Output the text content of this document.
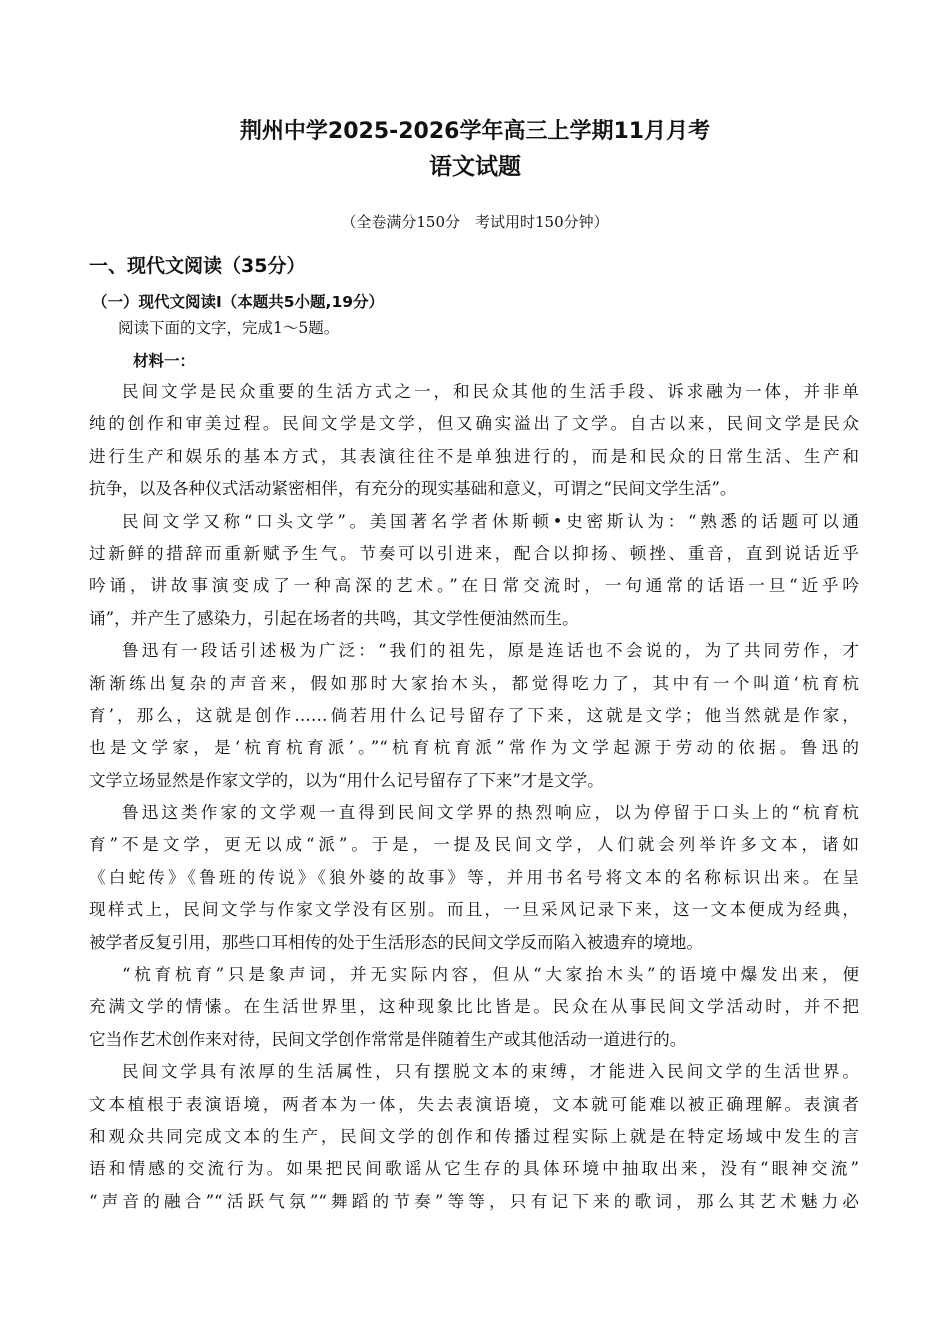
荆州中学2025-2026学年高三上学期11月月考
语文试题
（全卷满分150分　考试用时150分钟）
一、现代文阅读（35分）
（一）现代文阅读Ⅰ（本题共5小题,19分）
阅读下面的文字，完成1～5题。
材料一：
民间文学是民众重要的生活方式之一，和民众其他的生活手段、诉求融为一体，并非单
纯的创作和审美过程。民间文学是文学，但又确实溢出了文学。自古以来，民间文学是民众
进行生产和娱乐的基本方式，其表演往往不是单独进行的，而是和民众的日常生活、生产和
抗争，以及各种仪式活动紧密相伴，有充分的现实基础和意义，可谓之“民间文学生活”。
民间文学又称“口头文学”。美国著名学者休斯顿•史密斯认为：“熟悉的话题可以通
过新鲜的措辞而重新赋予生气。节奏可以引进来，配合以抑扬、顿挫、重音，直到说话近乎
吟诵，讲故事演变成了一种高深的艺术。”在日常交流时，一句通常的话语一旦“近乎吟
诵”，并产生了感染力，引起在场者的共鸣，其文学性便油然而生。
鲁迅有一段话引述极为广泛：“我们的祖先，原是连话也不会说的，为了共同劳作，才
渐渐练出复杂的声音来，假如那时大家抬木头，都觉得吃力了，其中有一个叫道‘杭育杭
育’，那么，这就是创作……倘若用什么记号留存了下来，这就是文学；他当然就是作家，
也是文学家，是‘杭育杭育派’。”“杭育杭育派”常作为文学起源于劳动的依据。鲁迅的
文学立场显然是作家文学的，以为“用什么记号留存了下来”才是文学。
鲁迅这类作家的文学观一直得到民间文学界的热烈响应，以为停留于口头上的“杭育杭
育”不是文学，更无以成“派”。于是，一提及民间文学，人们就会列举许多文本，诸如
《白蛇传》《鲁班的传说》《狼外婆的故事》等，并用书名号将文本的名称标识出来。在呈
现样式上，民间文学与作家文学没有区别。而且，一旦采风记录下来，这一文本便成为经典，
被学者反复引用，那些口耳相传的处于生活形态的民间文学反而陷入被遗弃的境地。
“杭育杭育”只是象声词，并无实际内容，但从“大家抬木头”的语境中爆发出来，便
充满文学的情愫。在生活世界里，这种现象比比皆是。民众在从事民间文学活动时，并不把
它当作艺术创作来对待，民间文学创作常常是伴随着生产或其他活动一道进行的。
民间文学具有浓厚的生活属性，只有摆脱文本的束缚，才能进入民间文学的生活世界。
文本植根于表演语境，两者本为一体，失去表演语境，文本就可能难以被正确理解。表演者
和观众共同完成文本的生产，民间文学的创作和传播过程实际上就是在特定场域中发生的言
语和情感的交流行为。如果把民间歌谣从它生存的具体环境中抽取出来，没有“眼神交流”
“声音的融合”“活跃气氛”“舞蹈的节奏”等等，只有记下来的歌词，那么其艺术魅力必
